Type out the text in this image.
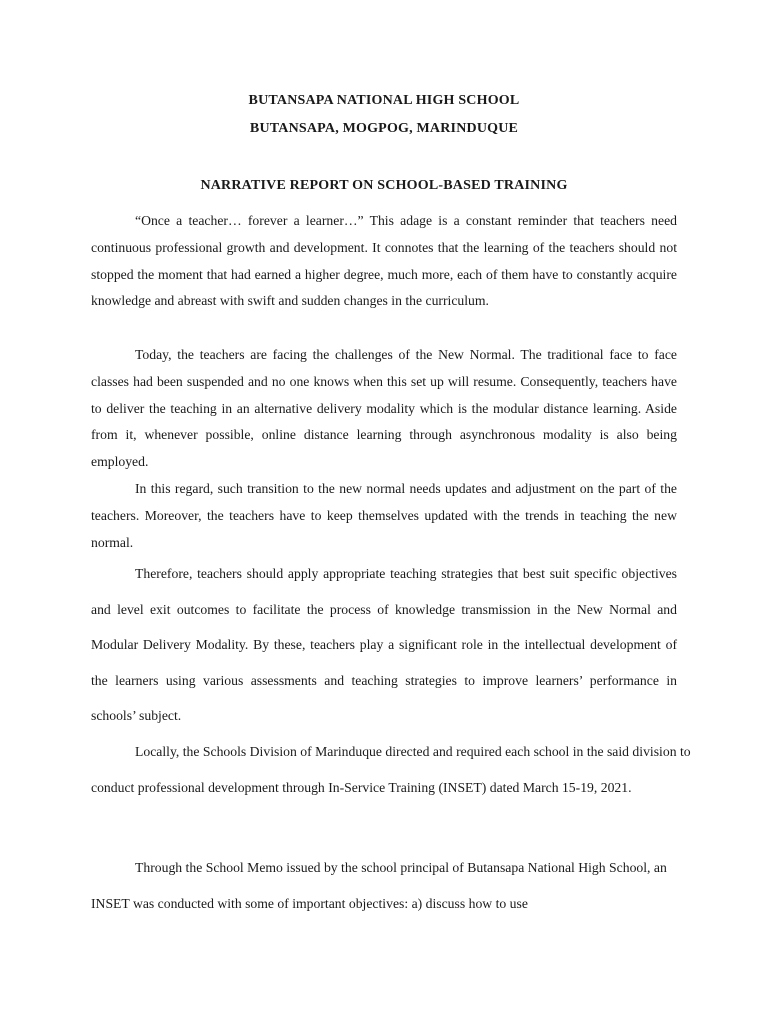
BUTANSAPA NATIONAL HIGH SCHOOL
BUTANSAPA, MOGPOG, MARINDUQUE
NARRATIVE REPORT ON SCHOOL-BASED TRAINING

“Once a teacher… forever a learner…” This adage is a constant reminder that teachers need continuous professional growth and development. It connotes that the learning of the teachers should not stopped the moment that had earned a higher degree, much more, each of them have to constantly acquire knowledge and abreast with swift and sudden changes in the curriculum.

Today, the teachers are facing the challenges of the New Normal. The traditional face to face classes had been suspended and no one knows when this set up will resume. Consequently, teachers have to deliver the teaching in an alternative delivery modality which is the modular distance learning. Aside from it, whenever possible, online distance learning through asynchronous modality is also being employed.

In this regard, such transition to the new normal needs updates and adjustment on the part of the teachers. Moreover, the teachers have to keep themselves updated with the trends in teaching the new normal.

Therefore, teachers should apply appropriate teaching strategies that best suit specific objectives and level exit outcomes to facilitate the process of knowledge transmission in the New Normal and Modular Delivery Modality. By these, teachers play a significant role in the intellectual development of the learners using various assessments and teaching strategies to improve learners’ performance in schools’ subject.

Locally, the Schools Division of Marinduque directed and required each school in the said division to conduct professional development through In-Service Training (INSET) dated March 15-19, 2021.

Through the School Memo issued by the school principal of Butansapa National High School, an INSET was conducted with some of important objectives: a) discuss how to use
